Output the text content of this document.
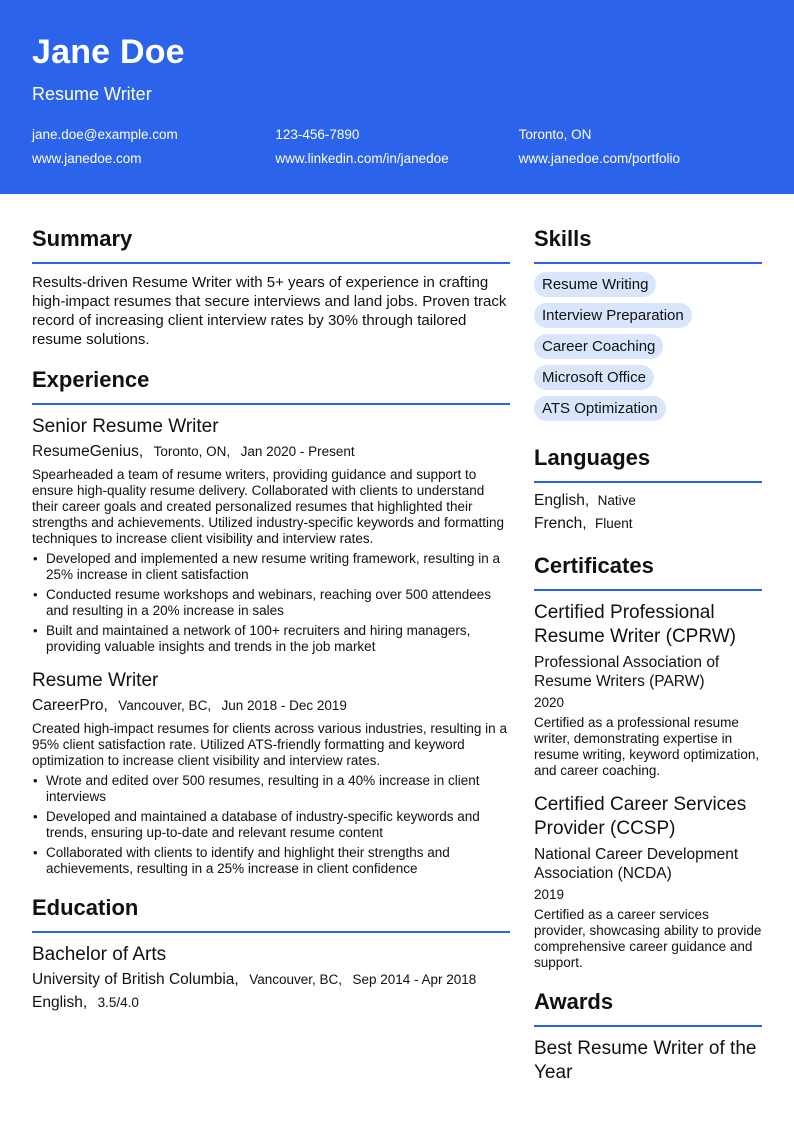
Jane Doe
Resume Writer
jane.doe@example.com	123-456-7890	Toronto, ON
www.janedoe.com	www.linkedin.com/in/janedoe	www.janedoe.com/portfolio
Summary
Results-driven Resume Writer with 5+ years of experience in crafting high-impact resumes that secure interviews and land jobs. Proven track record of increasing client interview rates by 30% through tailored resume solutions.
Experience
Senior Resume Writer
ResumeGenius, Toronto, ON, Jan 2020 - Present
Spearheaded a team of resume writers, providing guidance and support to ensure high-quality resume delivery. Collaborated with clients to understand their career goals and created personalized resumes that highlighted their strengths and achievements. Utilized industry-specific keywords and formatting techniques to increase client visibility and interview rates.
• Developed and implemented a new resume writing framework, resulting in a 25% increase in client satisfaction
• Conducted resume workshops and webinars, reaching over 500 attendees and resulting in a 20% increase in sales
• Built and maintained a network of 100+ recruiters and hiring managers, providing valuable insights and trends in the job market
Resume Writer
CareerPro, Vancouver, BC, Jun 2018 - Dec 2019
Created high-impact resumes for clients across various industries, resulting in a 95% client satisfaction rate. Utilized ATS-friendly formatting and keyword optimization to increase client visibility and interview rates.
• Wrote and edited over 500 resumes, resulting in a 40% increase in client interviews
• Developed and maintained a database of industry-specific keywords and trends, ensuring up-to-date and relevant resume content
• Collaborated with clients to identify and highlight their strengths and achievements, resulting in a 25% increase in client confidence
Education
Bachelor of Arts
University of British Columbia, Vancouver, BC, Sep 2014 - Apr 2018
English, 3.5/4.0
Skills
Resume Writing
Interview Preparation
Career Coaching
Microsoft Office
ATS Optimization
Languages
English, Native
French, Fluent
Certificates
Certified Professional Resume Writer (CPRW)
Professional Association of Resume Writers (PARW)
2020
Certified as a professional resume writer, demonstrating expertise in resume writing, keyword optimization, and career coaching.
Certified Career Services Provider (CCSP)
National Career Development Association (NCDA)
2019
Certified as a career services provider, showcasing ability to provide comprehensive career guidance and support.
Awards
Best Resume Writer of the Year
